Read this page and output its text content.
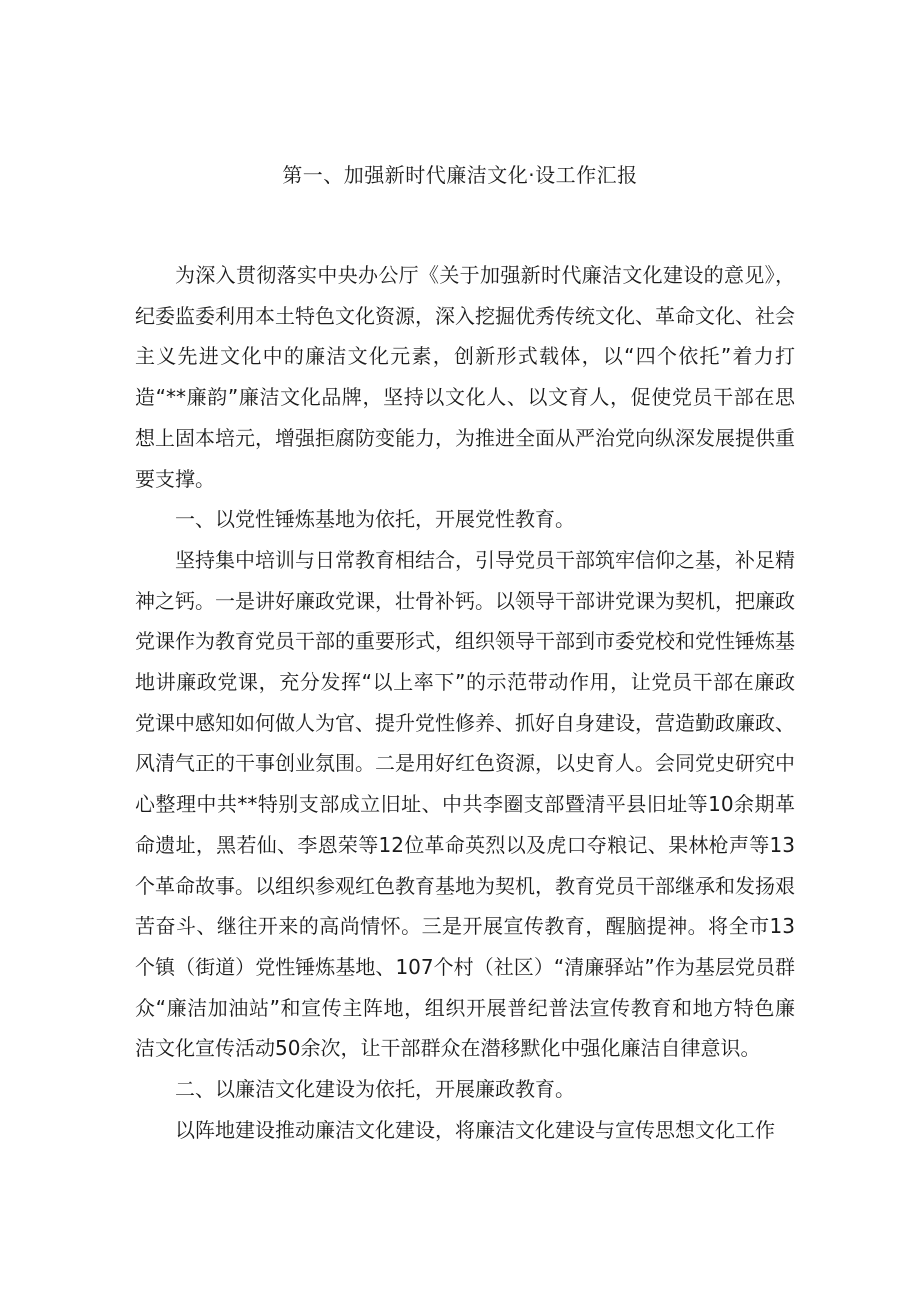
第一、加强新时代廉洁文化·设工作汇报

为深入贯彻落实中央办公厅《关于加强新时代廉洁文化建设的意见》，纪委监委利用本土特色文化资源，深入挖掘优秀传统文化、革命文化、社会主义先进文化中的廉洁文化元素，创新形式载体，以“四个依托”着力打造“**廉韵”廉洁文化品牌，坚持以文化人、以文育人，促使党员干部在思想上固本培元，增强拒腐防变能力，为推进全面从严治党向纵深发展提供重要支撑。

一、以党性锤炼基地为依托，开展党性教育。

坚持集中培训与日常教育相结合，引导党员干部筑牢信仰之基，补足精神之钙。一是讲好廉政党课，壮骨补钙。以领导干部讲党课为契机，把廉政党课作为教育党员干部的重要形式，组织领导干部到市委党校和党性锤炼基地讲廉政党课，充分发挥“以上率下”的示范带动作用，让党员干部在廉政党课中感知如何做人为官、提升党性修养、抓好自身建设，营造勤政廉政、风清气正的干事创业氛围。二是用好红色资源，以史育人。会同党史研究中心整理中共**特别支部成立旧址、中共李圈支部暨清平县旧址等10余期革命遗址，黑若仙、李恩荣等12位革命英烈以及虎口夺粮记、果林枪声等13个革命故事。以组织参观红色教育基地为契机，教育党员干部继承和发扬艰苦奋斗、继往开来的高尚情怀。三是开展宣传教育，醒脑提神。将全市13个镇（街道）党性锤炼基地、107个村（社区）“清廉驿站”作为基层党员群众“廉洁加油站”和宣传主阵地，组织开展普纪普法宣传教育和地方特色廉洁文化宣传活动50余次，让干部群众在潜移默化中强化廉洁自律意识。

二、以廉洁文化建设为依托，开展廉政教育。

以阵地建设推动廉洁文化建设，将廉洁文化建设与宣传思想文化工作
